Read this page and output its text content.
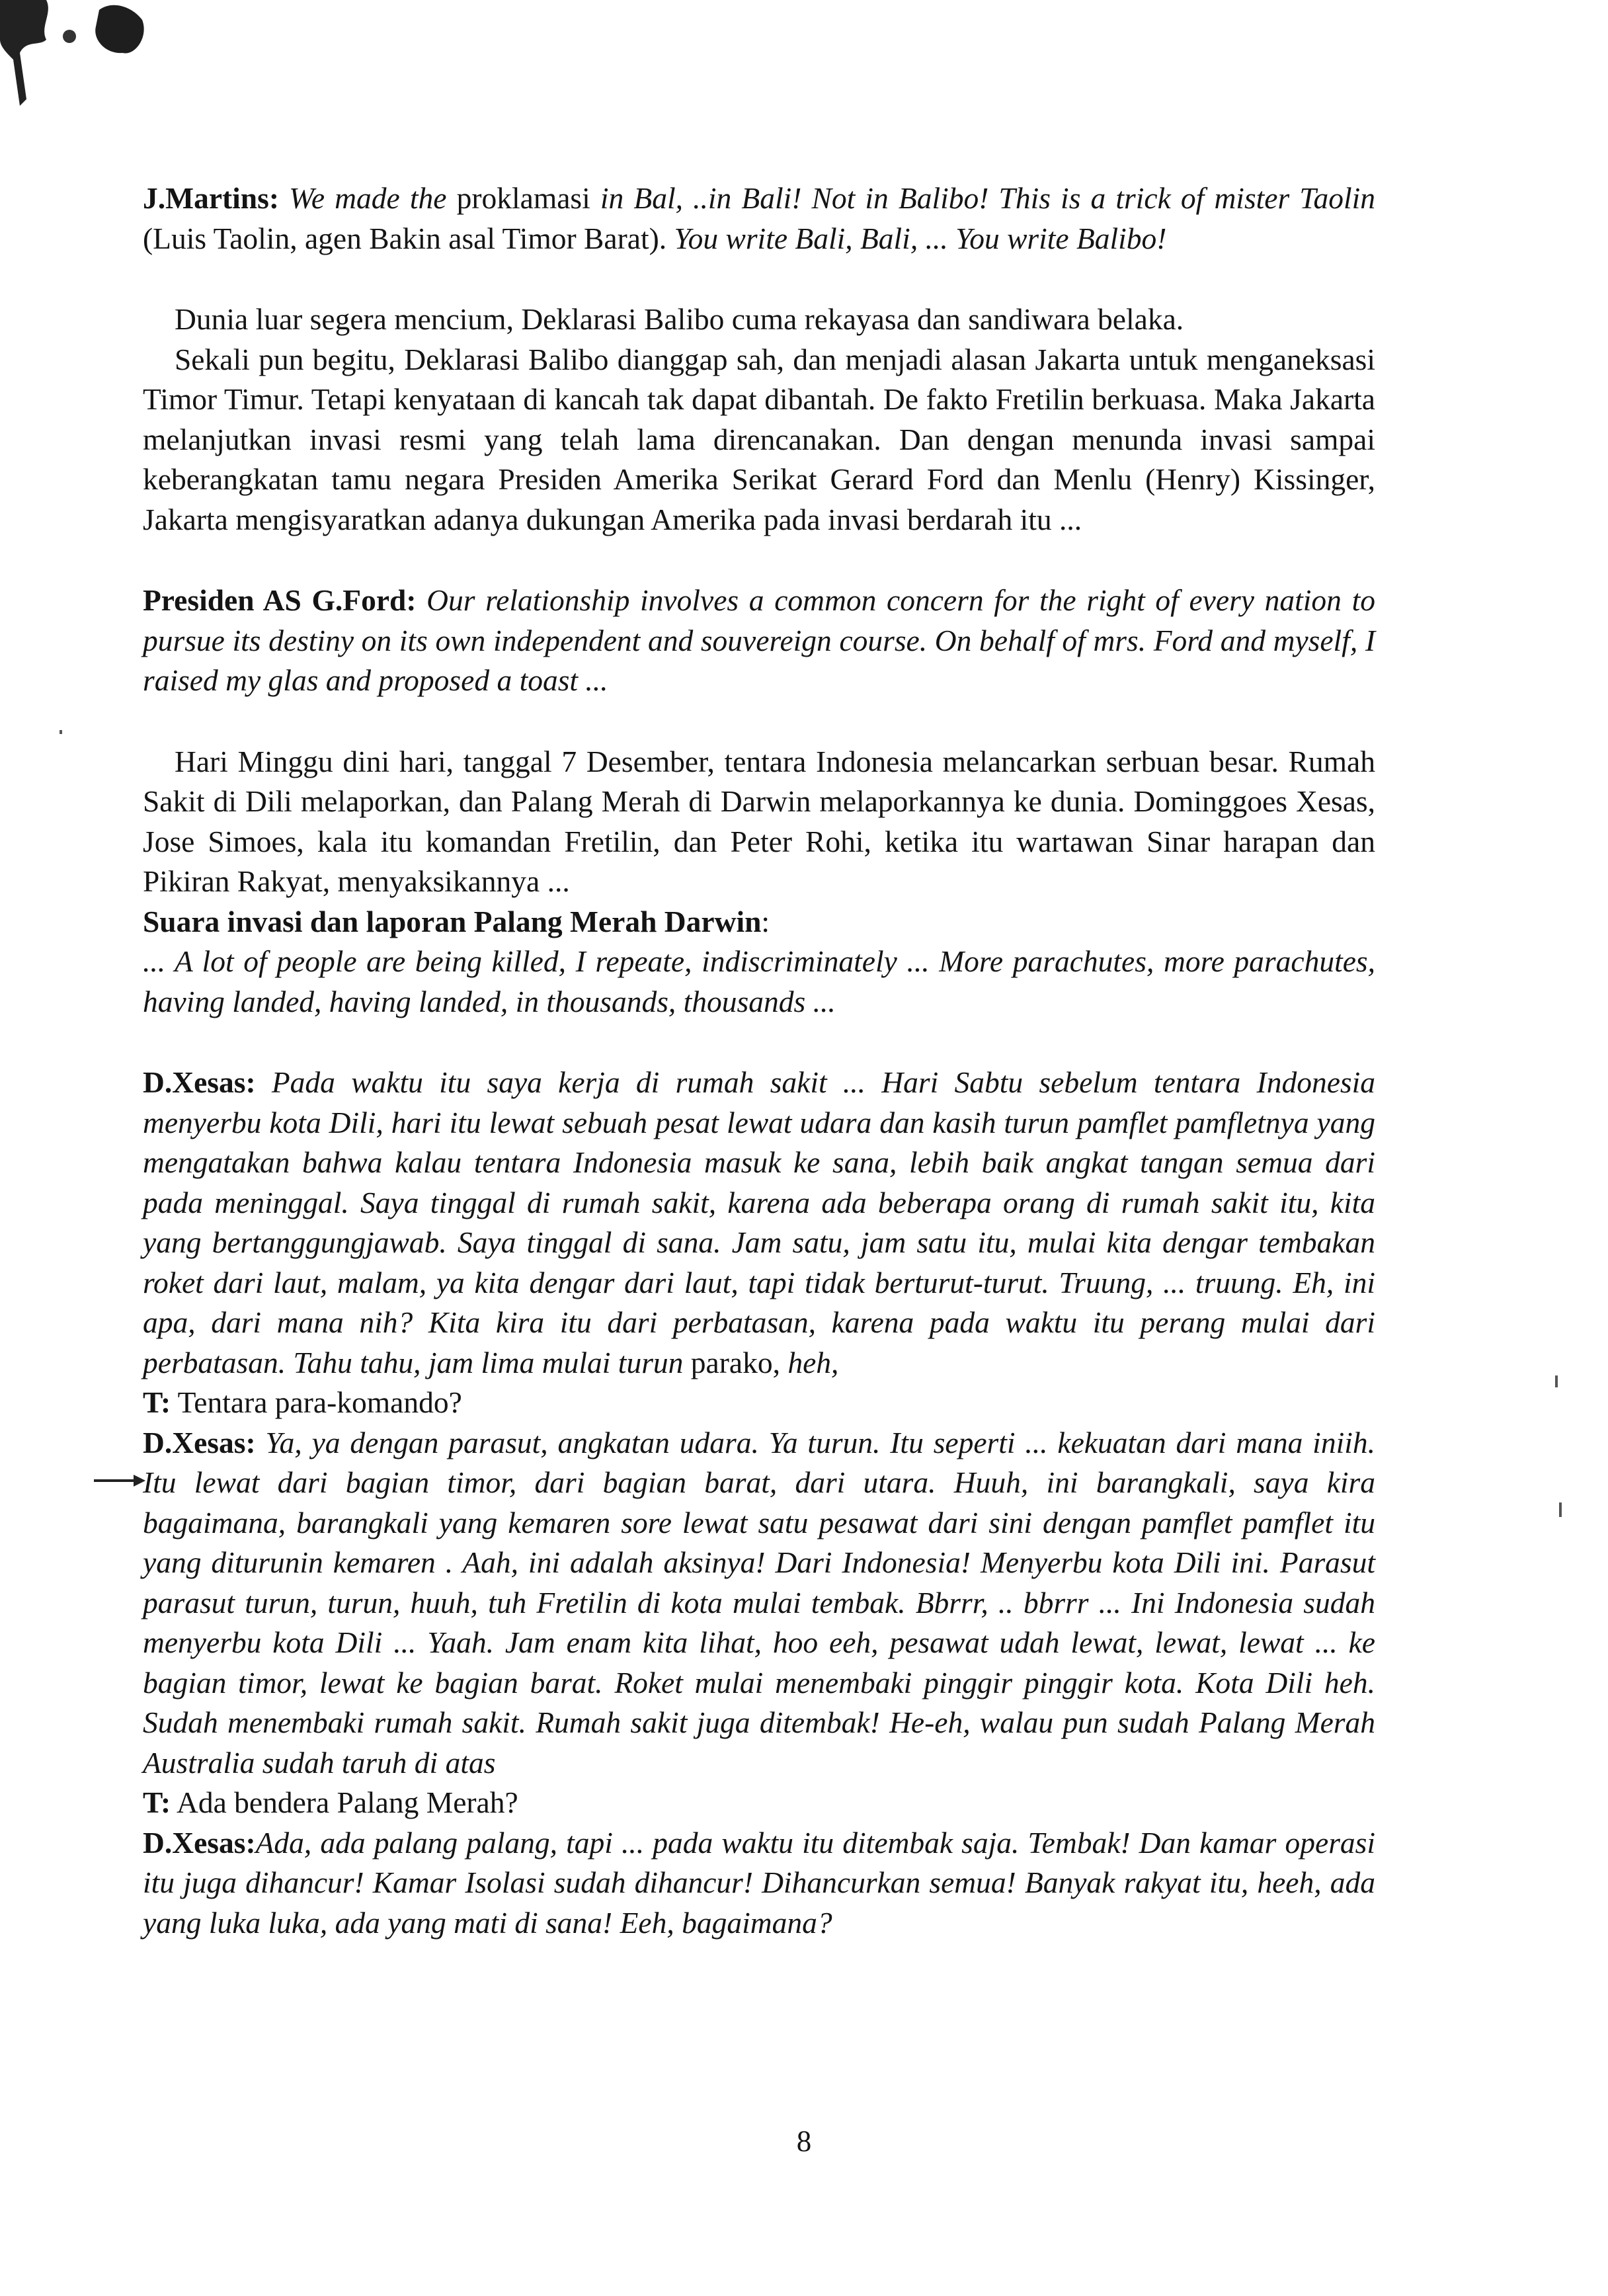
J.Martins: We made the proklamasi in Bal, ..in Bali! Not in Balibo! This is a trick of mister Taolin (Luis Taolin, agen Bakin asal Timor Barat). You write Bali, Bali, ... You write Balibo!

Dunia luar segera mencium, Deklarasi Balibo cuma rekayasa dan sandiwara belaka.

Sekali pun begitu, Deklarasi Balibo dianggap sah, dan menjadi alasan Jakarta untuk menganeksasi Timor Timur. Tetapi kenyataan di kancah tak dapat dibantah. De fakto Fretilin berkuasa. Maka Jakarta melanjutkan invasi resmi yang telah lama direncanakan. Dan dengan menunda invasi sampai keberangkatan tamu negara Presiden Amerika Serikat Gerard Ford dan Menlu (Henry) Kissinger, Jakarta mengisyaratkan adanya dukungan Amerika pada invasi berdarah itu ...

Presiden AS G.Ford: Our relationship involves a common concern for the right of every nation to pursue its destiny on its own independent and souvereign course. On behalf of mrs. Ford and myself, I raised my glas and proposed a toast ...

Hari Minggu dini hari, tanggal 7 Desember, tentara Indonesia melancarkan serbuan besar. Rumah Sakit di Dili melaporkan, dan Palang Merah di Darwin melaporkannya ke dunia. Dominggoes Xesas, Jose Simoes, kala itu komandan Fretilin, dan Peter Rohi, ketika itu wartawan Sinar harapan dan Pikiran Rakyat, menyaksikannya ...

Suara invasi dan laporan Palang Merah Darwin:
... A lot of people are being killed, I repeate, indiscriminately ... More parachutes, more parachutes, having landed, having landed, in thousands, thousands ...

D.Xesas: Pada waktu itu saya kerja di rumah sakit ... Hari Sabtu sebelum tentara Indonesia menyerbu kota Dili, hari itu lewat sebuah pesat lewat udara dan kasih turun pamflet pamfletnya yang mengatakan bahwa kalau tentara Indonesia masuk ke sana, lebih baik angkat tangan semua dari pada meninggal. Saya tinggal di rumah sakit, karena ada beberapa orang di rumah sakit itu, kita yang bertanggungjawab. Saya tinggal di sana. Jam satu, jam satu itu, mulai kita dengar tembakan roket dari laut, malam, ya kita dengar dari laut, tapi tidak berturut-turut. Truung, ... truung. Eh, ini apa, dari mana nih? Kita kira itu dari perbatasan, karena pada waktu itu perang mulai dari perbatasan. Tahu tahu, jam lima mulai turun parako, heh,

T: Tentara para-komando?

D.Xesas: Ya, ya dengan parasut, angkatan udara. Ya turun. Itu seperti ... kekuatan dari mana iniih. Itu lewat dari bagian timor, dari bagian barat, dari utara. Huuh, ini barangkali, saya kira bagaimana, barangkali yang kemaren sore lewat satu pesawat dari sini dengan pamflet pamflet itu yang diturunin kemaren . Aah, ini adalah aksinya! Dari Indonesia! Menyerbu kota Dili ini. Parasut parasut turun, turun, huuh, tuh Fretilin di kota mulai tembak. Bbrrr, .. bbrrr ... Ini Indonesia sudah menyerbu kota Dili ... Yaah. Jam enam kita lihat, hoo eeh, pesawat udah lewat, lewat, lewat ... ke bagian timor, lewat ke bagian barat. Roket mulai menembaki pinggir pinggir kota. Kota Dili heh. Sudah menembaki rumah sakit. Rumah sakit juga ditembak! He-eh, walau pun sudah Palang Merah Australia sudah taruh di atas

T: Ada bendera Palang Merah?

D.Xesas:Ada, ada palang palang, tapi ... pada waktu itu ditembak saja. Tembak! Dan kamar operasi itu juga dihancur! Kamar Isolasi sudah dihancur! Dihancurkan semua! Banyak rakyat itu, heeh, ada yang luka luka, ada yang mati di sana! Eeh, bagaimana?

8
